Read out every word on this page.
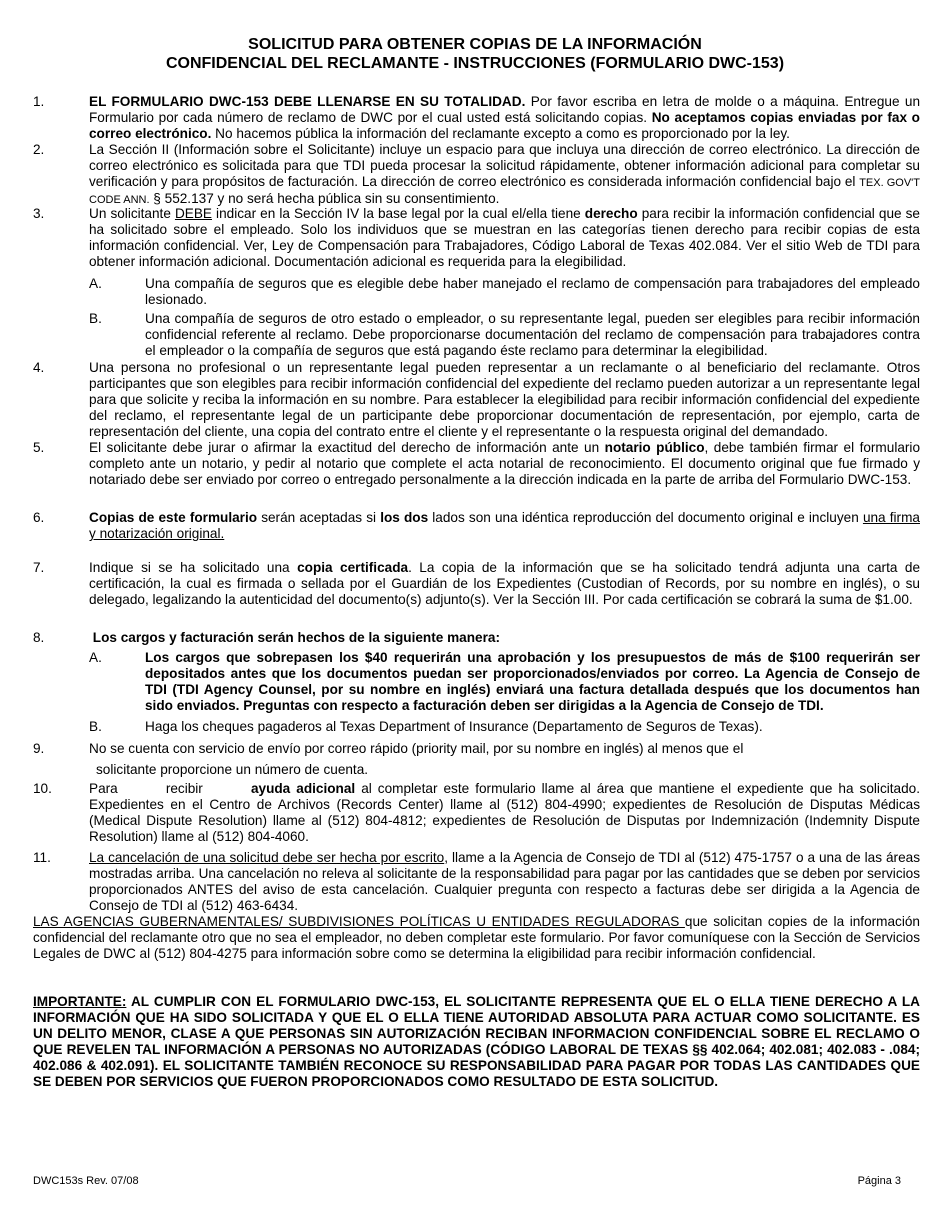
SOLICITUD PARA OBTENER COPIAS DE LA INFORMACIÓN
CONFIDENCIAL DEL RECLAMANTE - INSTRUCCIONES (FORMULARIO DWC-153)
1.	EL FORMULARIO DWC-153 DEBE LLENARSE EN SU TOTALIDAD. Por favor escriba en letra de molde o a máquina. Entregue un Formulario por cada número de reclamo de DWC por el cual usted está solicitando copias. No aceptamos copias enviadas por fax o correo electrónico. No hacemos pública la información del reclamante excepto a como es proporcionado por la ley.
2.	La Sección II (Información sobre el Solicitante) incluye un espacio para que incluya una dirección de correo electrónico. La dirección de correo electrónico es solicitada para que TDI pueda procesar la solicitud rápidamente, obtener información adicional para completar su verificación y para propósitos de facturación. La dirección de correo electrónico es considerada información confidencial bajo el TEX. GOV'T CODE ANN. § 552.137 y no será hecha pública sin su consentimiento.
3.	Un solicitante DEBE indicar en la Sección IV la base legal por la cual el/ella tiene derecho para recibir la información confidencial que se ha solicitado sobre el empleado. Solo los individuos que se muestran en las categorías tienen derecho para recibir copias de esta información confidencial. Ver, Ley de Compensación para Trabajadores, Código Laboral de Texas 402.084. Ver el sitio Web de TDI para obtener información adicional. Documentación adicional es requerida para la elegibilidad.
A.	Una compañía de seguros que es elegible debe haber manejado el reclamo de compensación para trabajadores del empleado lesionado.
B.	Una compañía de seguros de otro estado o empleador, o su representante legal, pueden ser elegibles para recibir información confidencial referente al reclamo. Debe proporcionarse documentación del reclamo de compensación para trabajadores contra el empleador o la compañía de seguros que está pagando éste reclamo para determinar la elegibilidad.
4.	Una persona no profesional o un representante legal pueden representar a un reclamante o al beneficiario del reclamante. Otros participantes que son elegibles para recibir información confidencial del expediente del reclamo pueden autorizar a un representante legal para que solicite y reciba la información en su nombre. Para establecer la elegibilidad para recibir información confidencial del expediente del reclamo, el representante legal de un participante debe proporcionar documentación de representación, por ejemplo, carta de representación del cliente, una copia del contrato entre el cliente y el representante o la respuesta original del demandado.
5.	El solicitante debe jurar o afirmar la exactitud del derecho de información ante un notario público, debe también firmar el formulario completo ante un notario, y pedir al notario que complete el acta notarial de reconocimiento. El documento original que fue firmado y notariado debe ser enviado por correo o entregado personalmente a la dirección indicada en la parte de arriba del Formulario DWC-153.
6.	Copias de este formulario serán aceptadas si los dos lados son una idéntica reproducción del documento original e incluyen una firma y notarización original.
7.	Indique si se ha solicitado una copia certificada. La copia de la información que se ha solicitado tendrá adjunta una carta de certificación, la cual es firmada o sellada por el Guardián de los Expedientes (Custodian of Records, por su nombre en inglés), o su delegado, legalizando la autenticidad del documento(s) adjunto(s). Ver la Sección III. Por cada certificación se cobrará la suma de $1.00.
8.	Los cargos y facturación serán hechos de la siguiente manera:
A.	Los cargos que sobrepasen los $40 requerirán una aprobación y los presupuestos de más de $100 requerirán ser depositados antes que los documentos puedan ser proporcionados/enviados por correo. La Agencia de Consejo de TDI (TDI Agency Counsel, por su nombre en inglés) enviará una factura detallada después que los documentos han sido enviados. Preguntas con respecto a facturación deben ser dirigidas a la Agencia de Consejo de TDI.
B.	Haga los cheques pagaderos al Texas Department of Insurance (Departamento de Seguros de Texas).
9.	No se cuenta con servicio de envío por correo rápido (priority mail, por su nombre en inglés) al menos que el
solicitante proporcione un número de cuenta.
10.	Para        recibir        ayuda adicional al completar este formulario llame al área que mantiene el expediente que ha solicitado. Expedientes en el Centro de Archivos (Records Center) llame al (512) 804-4990; expedientes de Resolución de Disputas Médicas (Medical Dispute Resolution) llame al (512) 804-4812; expedientes de Resolución de Disputas por Indemnización (Indemnity Dispute Resolution) llame al (512) 804-4060.
11.	La cancelación de una solicitud debe ser hecha por escrito, llame a la Agencia de Consejo de TDI al (512) 475-1757 o a una de las áreas mostradas arriba. Una cancelación no releva al solicitante de la responsabilidad para pagar por las cantidades que se deben por servicios proporcionados ANTES del aviso de esta cancelación. Cualquier pregunta con respecto a facturas debe ser dirigida a la Agencia de Consejo de TDI al (512) 463-6434.
LAS AGENCIAS GUBERNAMENTALES/ SUBDIVISIONES POLÍTICAS U ENTIDADES REGULADORAS que solicitan copies de la información confidencial del reclamante otro que no sea el empleador, no deben completar este formulario. Por favor comuníquese con la Sección de Servicios Legales de DWC al (512) 804-4275 para información sobre como se determina la eligibilidad para recibir información confidencial.
IMPORTANTE: AL CUMPLIR CON EL FORMULARIO DWC-153, EL SOLICITANTE REPRESENTA QUE EL O ELLA TIENE DERECHO A LA INFORMACIÓN QUE HA SIDO SOLICITADA Y QUE EL O ELLA TIENE AUTORIDAD ABSOLUTA PARA ACTUAR COMO SOLICITANTE. ES UN DELITO MENOR, CLASE A QUE PERSONAS SIN AUTORIZACIÓN RECIBAN INFORMACION CONFIDENCIAL SOBRE EL RECLAMO O QUE REVELEN TAL INFORMACIÓN A PERSONAS NO AUTORIZADAS (CÓDIGO LABORAL DE TEXAS §§ 402.064; 402.081; 402.083 - .084; 402.086 & 402.091). EL SOLICITANTE TAMBIÉN RECONOCE SU RESPONSABILIDAD PARA PAGAR POR TODAS LAS CANTIDADES QUE SE DEBEN POR SERVICIOS QUE FUERON PROPORCIONADOS COMO RESULTADO DE ESTA SOLICITUD.
DWC153s Rev. 07/08	Página 3
